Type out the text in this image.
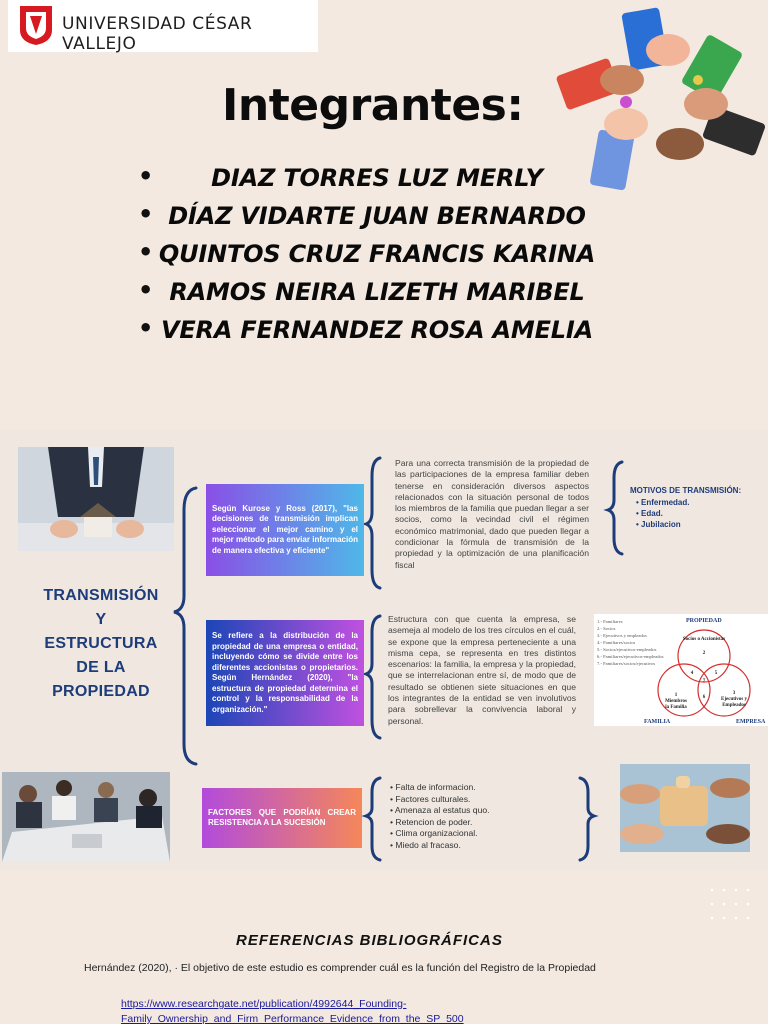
UNIVERSIDAD CÉSAR VALLEJO
Integrantes:
•	DIAZ TORRES LUZ MERLY
• DÍAZ VIDARTE JUAN BERNARDO
• QUINTOS CRUZ FRANCIS KARINA
• RAMOS NEIRA LIZETH MARIBEL
• VERA FERNANDEZ ROSA AMELIA
TRANSMISIÓN
Y
ESTRUCTURA
DE LA
PROPIEDAD
Según Kurose y Ross (2017), "las decisiones de transmisión implican seleccionar el mejor camino y el mejor método para enviar información de manera efectiva y eficiente"
Se refiere a la distribución de la propiedad de una empresa o entidad, incluyendo cómo se divide entre los diferentes accionistas o propietarios. Según Hernández (2020), "la estructura de propiedad determina el control y la responsabilidad de la organización."
FACTORES QUE PODRÍAN CREAR RESISTENCIA A LA SUCESIÓN
Para una correcta transmisión de la propiedad de las participaciones de la empresa familiar deben tenerse en consideración diversos aspectos relacionados con la situación personal de todos los miembros de la familia que puedan llegar a ser socios, como la vecindad civil el régimen económico matrimonial, dado que pueden llegar a condicionar la fórmula de transmisión de la propiedad y la optimización de una planificación fiscal
Estructura con que cuenta la empresa, se asemeja al modelo de los tres círculos en el cuál, se expone que la empresa perteneciente a una misma cepa, se representa en tres distintos escenarios: la familia, la empresa y la propiedad, que se interrelacionan entre sí, de modo que de resultado se obtienen siete situaciones en que los integrantes de la entidad se ven involutivos para sobrellevar la convivencia laboral y personal.
MOTIVOS DE TRANSMISIÓN:
• Enfermedad.
• Edad.
• Jubilacion
• Falta de informacion.
• Factores culturales.
• Amenaza al estatus quo.
• Retencion de poder.
• Clima organizacional.
• Miedo al fracaso.
1.- Familiares
2.- Socios
3.- Ejecutivos y empleados
4.- Familiares/socios
5.- Socios/ejecutivos-empleados
6.- Familiares/ejecutivos-empleados
7.- Familiares/socios/ejecutivos
PROPIEDAD
FAMILIA	EMPRESA
Socios o Accionistas
2
1
Miembros
la Familia
3
Ejecutivos y
Empleados
4	5
6
7
REFERENCIAS BIBLIOGRÁFICAS
Hernández (2020), · El objetivo de este estudio es comprender cuál es la función del Registro de la Propiedad
https://www.researchgate.net/publication/4992644_Founding-
Family_Ownership_and_Firm_Performance_Evidence_from_the_SP_500
